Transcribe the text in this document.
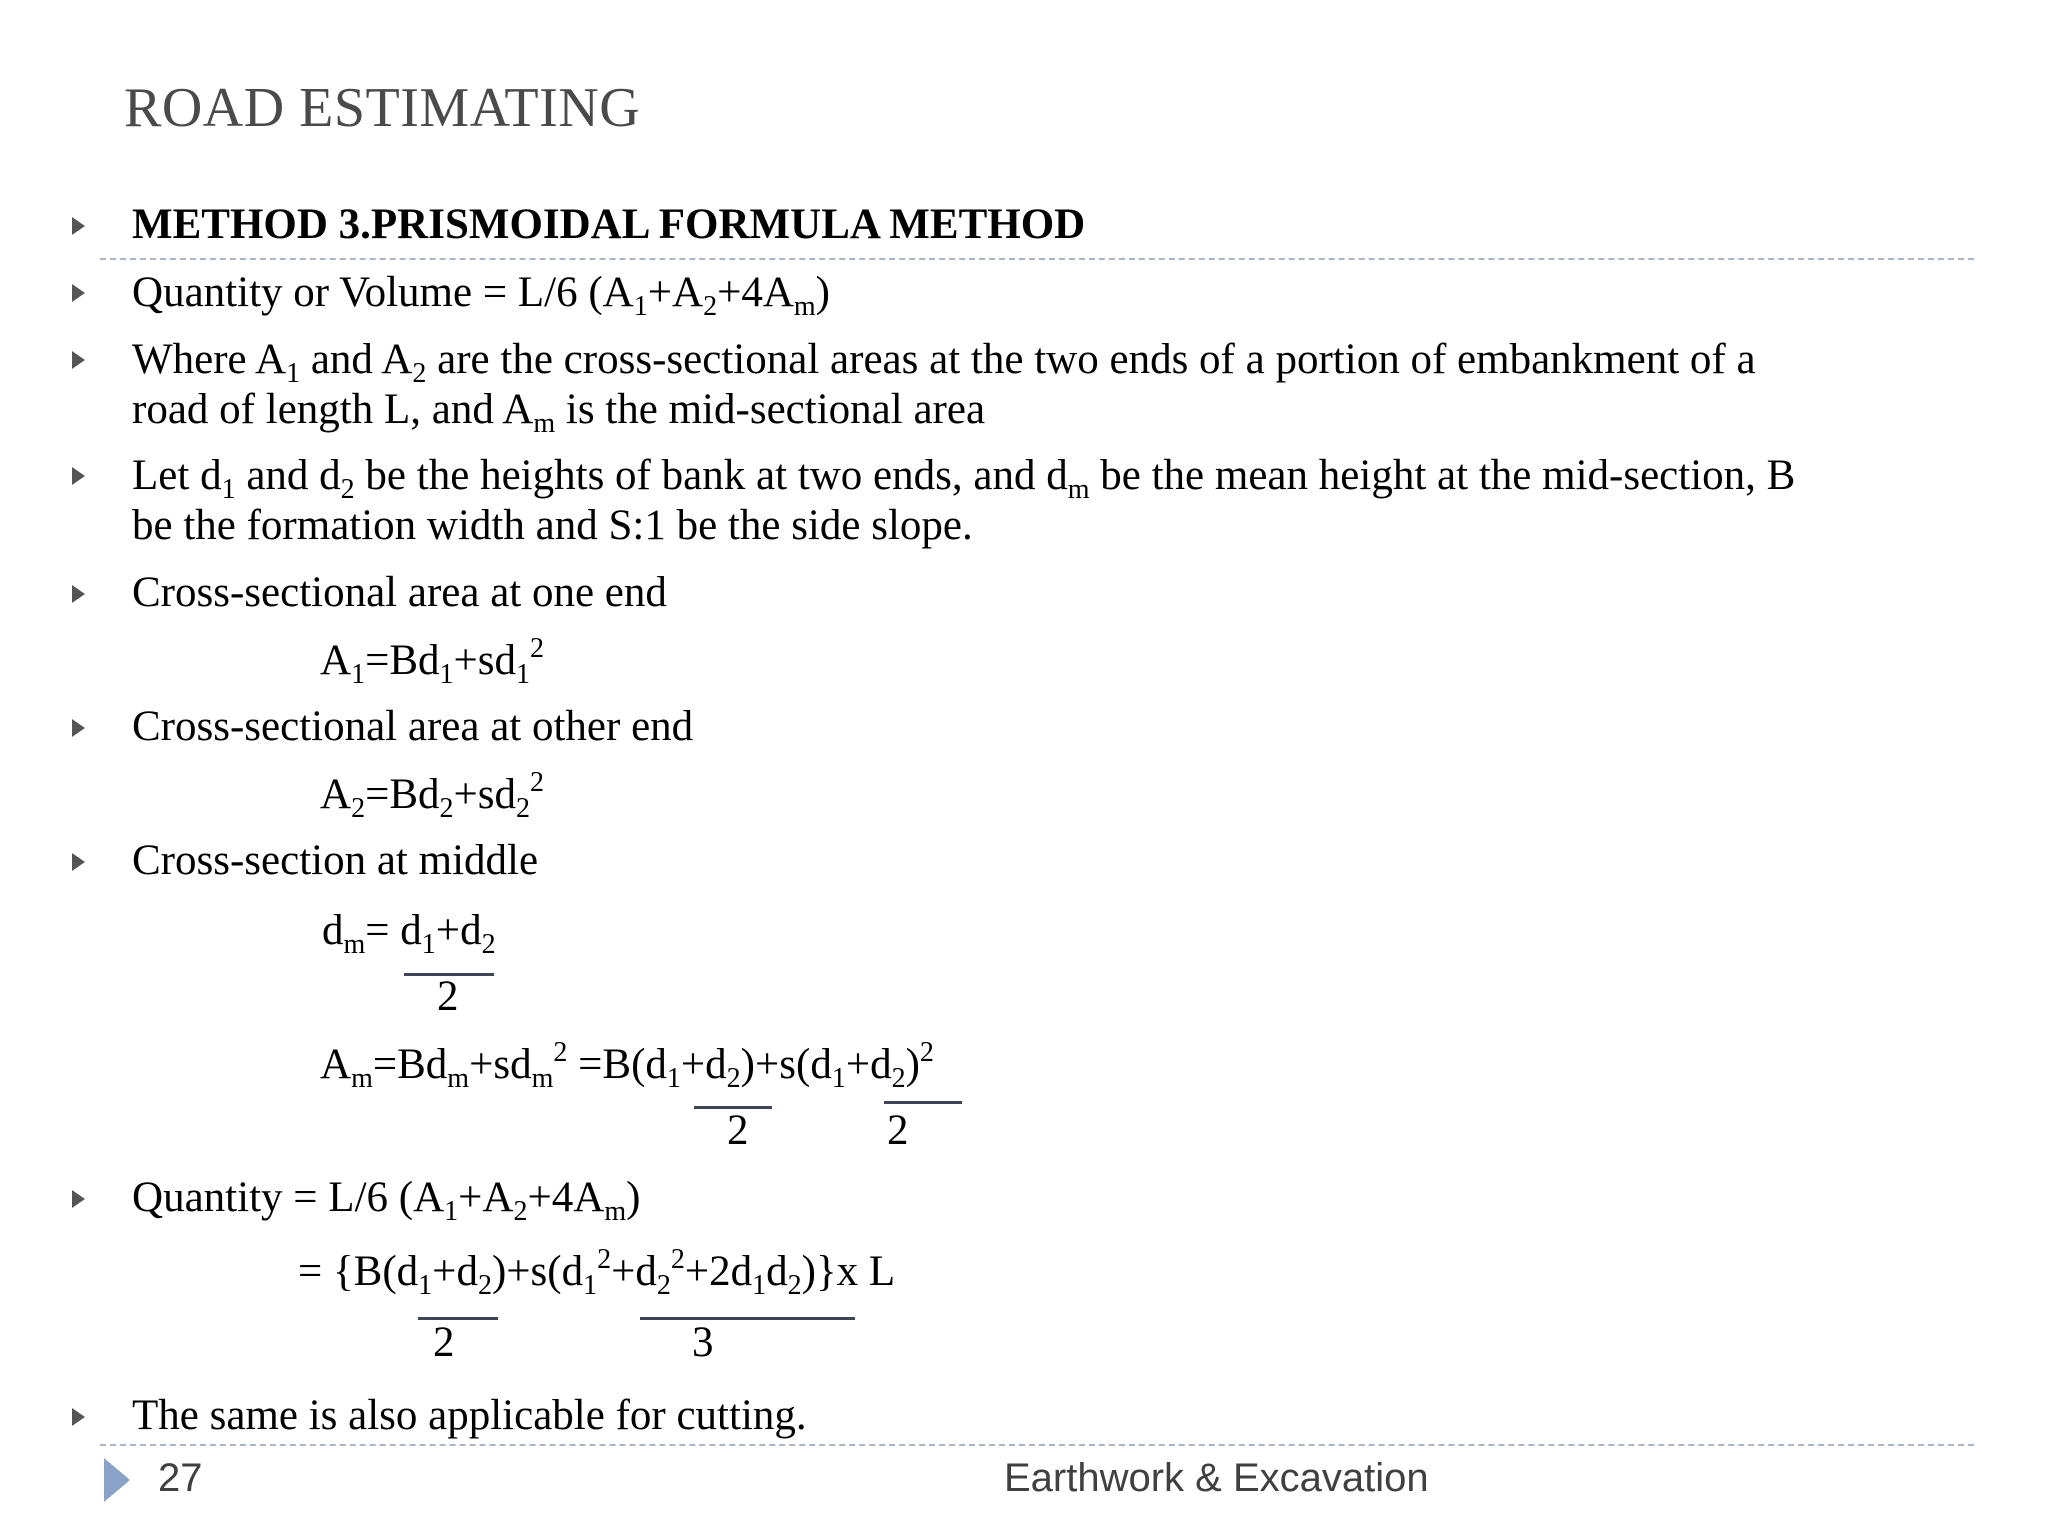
ROAD ESTIMATING
METHOD 3.PRISMOIDAL FORMULA METHOD
Quantity or Volume = L/6 $(A_1+A_2+4A_m)$
Where $A_1$ and $A_2$ are the cross-sectional areas at the two ends of a portion of embankment of a
road of length L, and $A_m$ is the mid-sectional area
Let $d_1$ and $d_2$ be the heights of bank at two ends, and $d_m$ be the mean height at the mid-section, B
be the formation width and S:1 be the side slope.
Cross-sectional area at one end
$A_1=Bd_1+sd_1^2$
Cross-sectional area at other end
$A_2=Bd_2+sd_2^2$
Cross-section at middle
$d_m= d_1+d_2$
2
$A_m=Bd_m+sd_m^2 =B(d_1+d_2)+s(d_1+d_2)^2$
2	2
Quantity = L/6 $(A_1+A_2+4A_m)$
= $\{B(d_1+d_2)+s(d_1^2+d_2^2+2d_1d_2)\}x$ L
2	3
The same is also applicable for cutting.
27	Earthwork & Excavation
